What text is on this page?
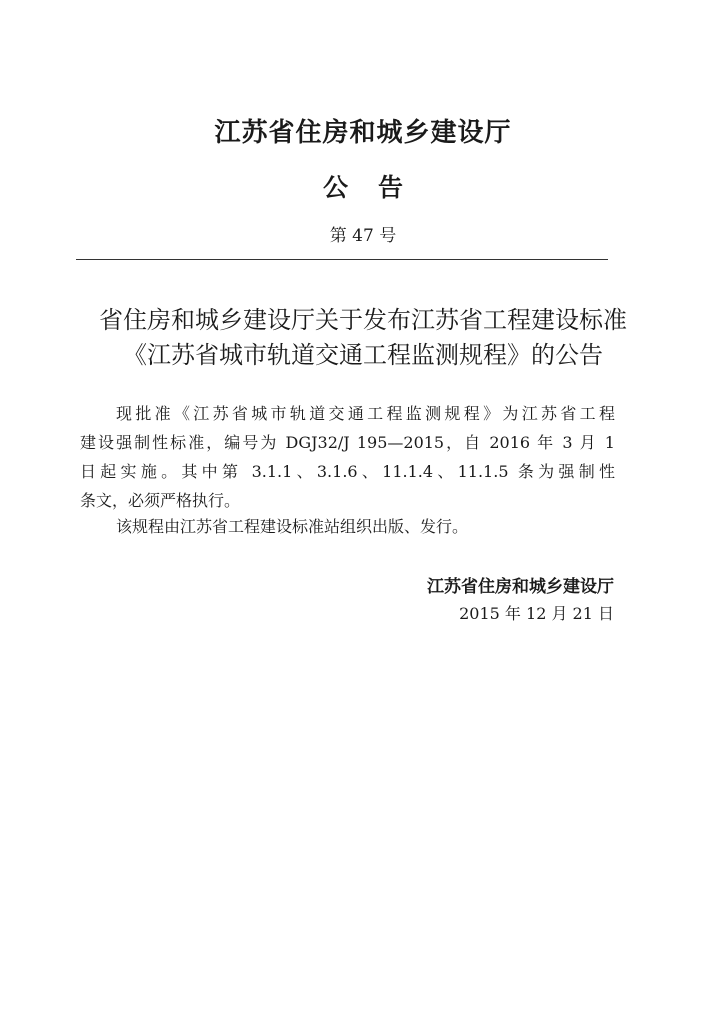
江苏省住房和城乡建设厅
公告
第 47 号
省住房和城乡建设厅关于发布江苏省工程建设标准
《江苏省城市轨道交通工程监测规程》的公告
现批准《江苏省城市轨道交通工程监测规程》为江苏省工程
建设强制性标准，编号为 DGJ32/J 195—2015，自 2016 年 3 月 1
日起实施。其中第 3.1.1、3.1.6、11.1.4、11.1.5 条为强制性
条文，必须严格执行。
该规程由江苏省工程建设标准站组织出版、发行。
江苏省住房和城乡建设厅
2015 年 12 月 21 日
